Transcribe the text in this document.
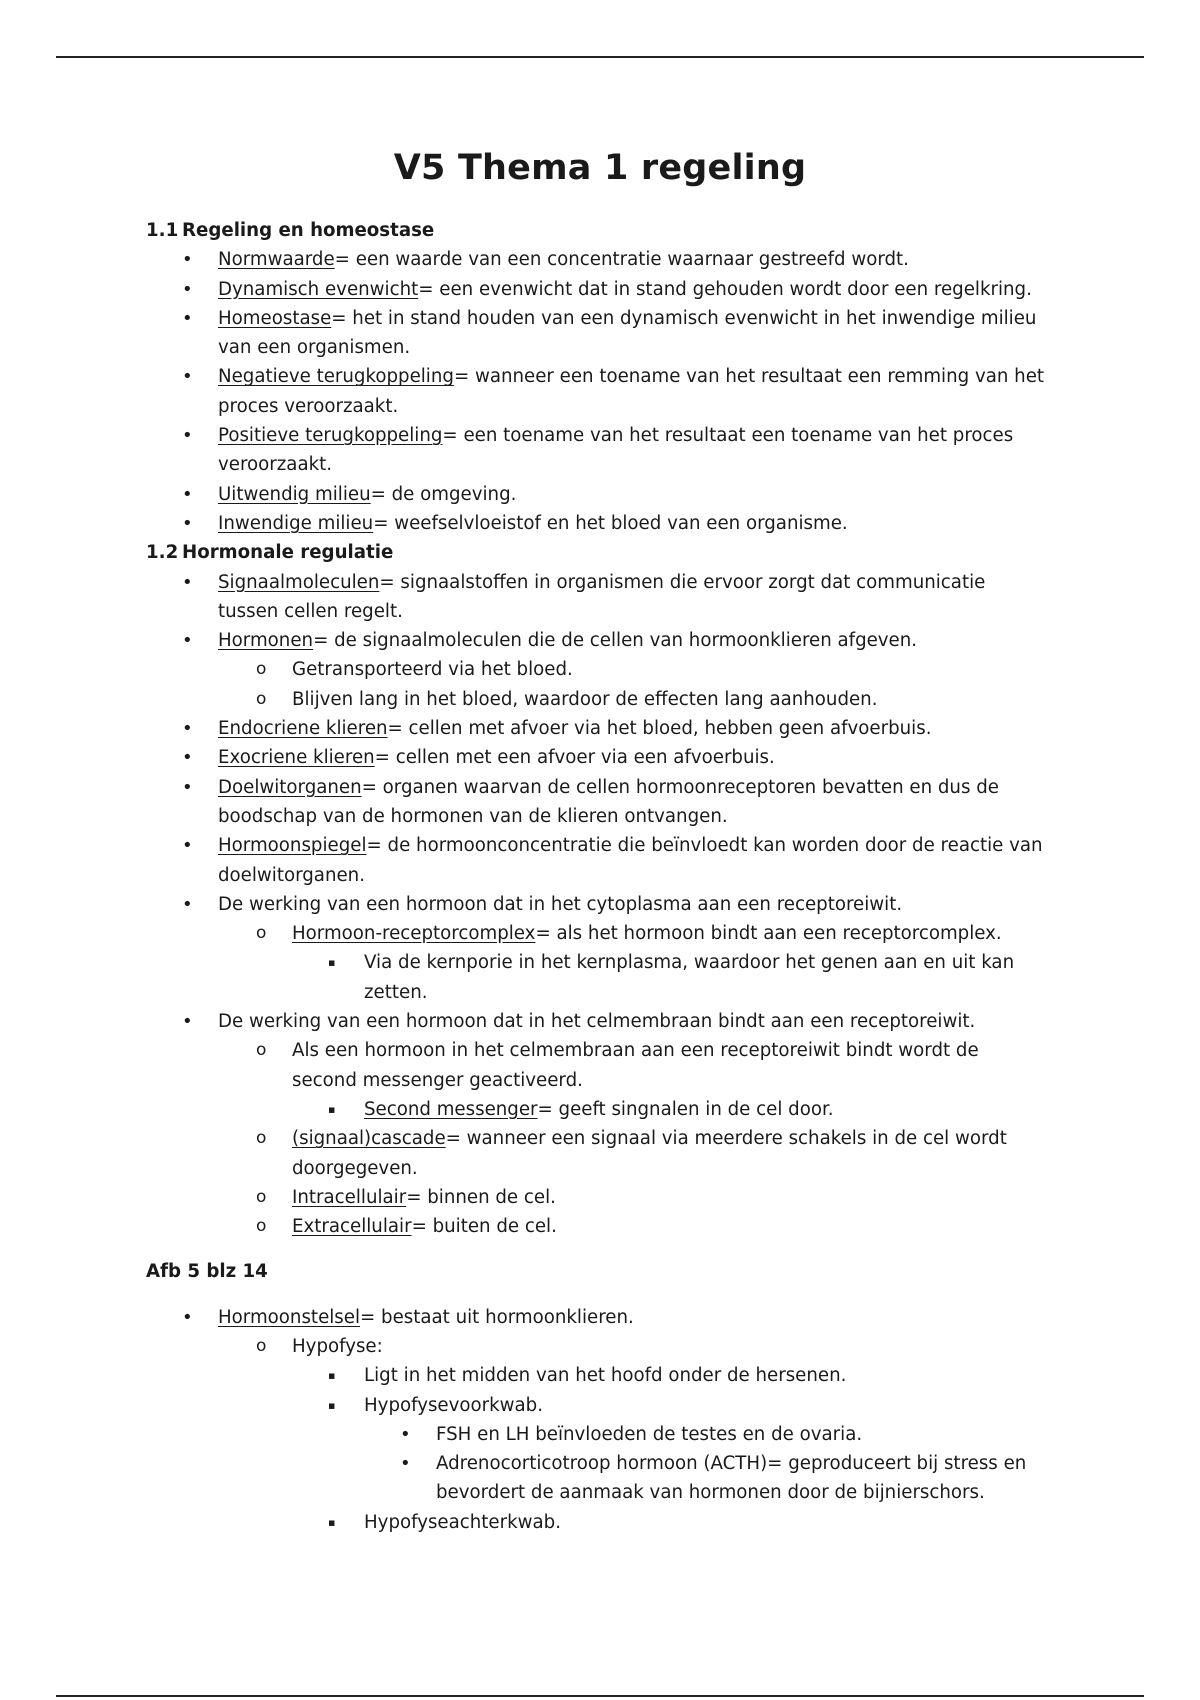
V5 Thema 1 regeling
1.1 Regeling en homeostase
• Normwaarde= een waarde van een concentratie waarnaar gestreefd wordt.
• Dynamisch evenwicht= een evenwicht dat in stand gehouden wordt door een regelkring.
• Homeostase= het in stand houden van een dynamisch evenwicht in het inwendige milieu van een organismen.
• Negatieve terugkoppeling= wanneer een toename van het resultaat een remming van het proces veroorzaakt.
• Positieve terugkoppeling= een toename van het resultaat een toename van het proces veroorzaakt.
• Uitwendig milieu= de omgeving.
• Inwendige milieu= weefselvloeistof en het bloed van een organisme.
1.2 Hormonale regulatie
• Signaalmoleculen= signaalstoffen in organismen die ervoor zorgt dat communicatie tussen cellen regelt.
• Hormonen= de signaalmoleculen die de cellen van hormoonklieren afgeven.
o Getransporteerd via het bloed.
o Blijven lang in het bloed, waardoor de effecten lang aanhouden.
• Endocriene klieren= cellen met afvoer via het bloed, hebben geen afvoerbuis.
• Exocriene klieren= cellen met een afvoer via een afvoerbuis.
• Doelwitorganen= organen waarvan de cellen hormoonreceptoren bevatten en dus de boodschap van de hormonen van de klieren ontvangen.
• Hormoonspiegel= de hormoonconcentratie die beïnvloedt kan worden door de reactie van doelwitorganen.
• De werking van een hormoon dat in het cytoplasma aan een receptoreiwit.
o Hormoon-receptorcomplex= als het hormoon bindt aan een receptorcomplex.
▪ Via de kernporie in het kernplasma, waardoor het genen aan en uit kan zetten.
• De werking van een hormoon dat in het celmembraan bindt aan een receptoreiwit.
o Als een hormoon in het celmembraan aan een receptoreiwit bindt wordt de second messenger geactiveerd.
▪ Second messenger= geeft singnalen in de cel door.
o (signaal)cascade= wanneer een signaal via meerdere schakels in de cel wordt doorgegeven.
o Intracellulair= binnen de cel.
o Extracellulair= buiten de cel.
Afb 5 blz 14
• Hormoonstelsel= bestaat uit hormoonklieren.
o Hypofyse:
▪ Ligt in het midden van het hoofd onder de hersenen.
▪ Hypofysevoorkwab.
• FSH en LH beïnvloeden de testes en de ovaria.
• Adrenocorticotroop hormoon (ACTH)= geproduceert bij stress en bevordert de aanmaak van hormonen door de bijnierschors.
▪ Hypofyseachterkwab.
